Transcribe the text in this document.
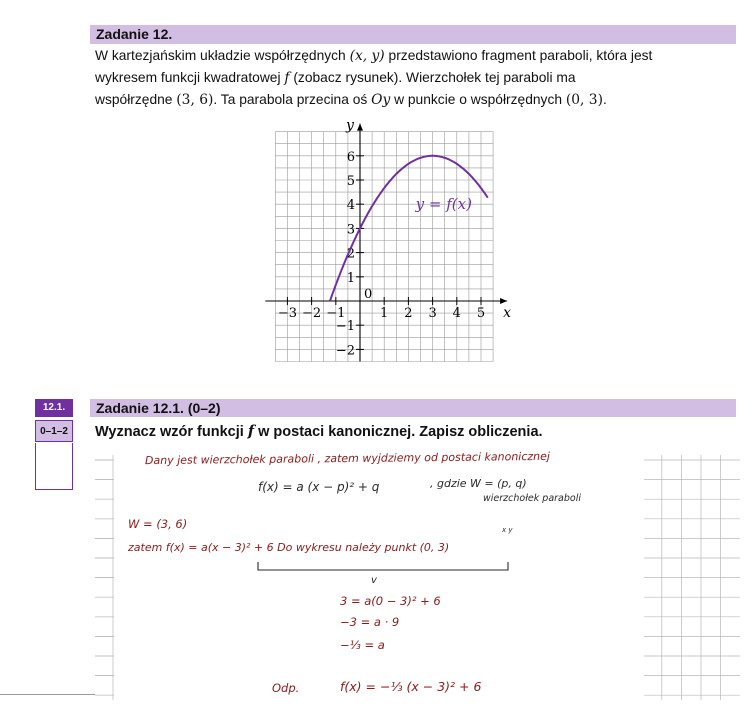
Zadanie 12.
W kartezjańskim układzie współrzędnych (x, y) przedstawiono fragment paraboli, która jest
wykresem funkcji kwadratowej f (zobacz rysunek). Wierzchołek tej paraboli ma
współrzędne (3, 6). Ta parabola przecina oś Oy w punkcie o współrzędnych (0, 3).
−3 −2 −1	1 2 3 4 5
−2
−1
1
2
3
4
5
6
0
x
y
y = f(x)
12.1.
0–1–2
Zadanie 12.1. (0–2)
Wyznacz wzór funkcji f w postaci kanonicznej. Zapisz obliczenia.
Dany jest wierzchołek paraboli , zatem wyjdziemy od postaci kanonicznej
f(x) = a (x − p)² + q	, gdzie W = (p, q)
wierzchołek paraboli
W = (3, 6)	x y
zatem f(x) = a(x − 3)² + 6 Do wykresu należy punkt (0, 3)
v
3 = a(0 − 3)² + 6
−3 = a · 9
−⅓ = a
Odp.	f(x) = −⅓ (x − 3)² + 6
